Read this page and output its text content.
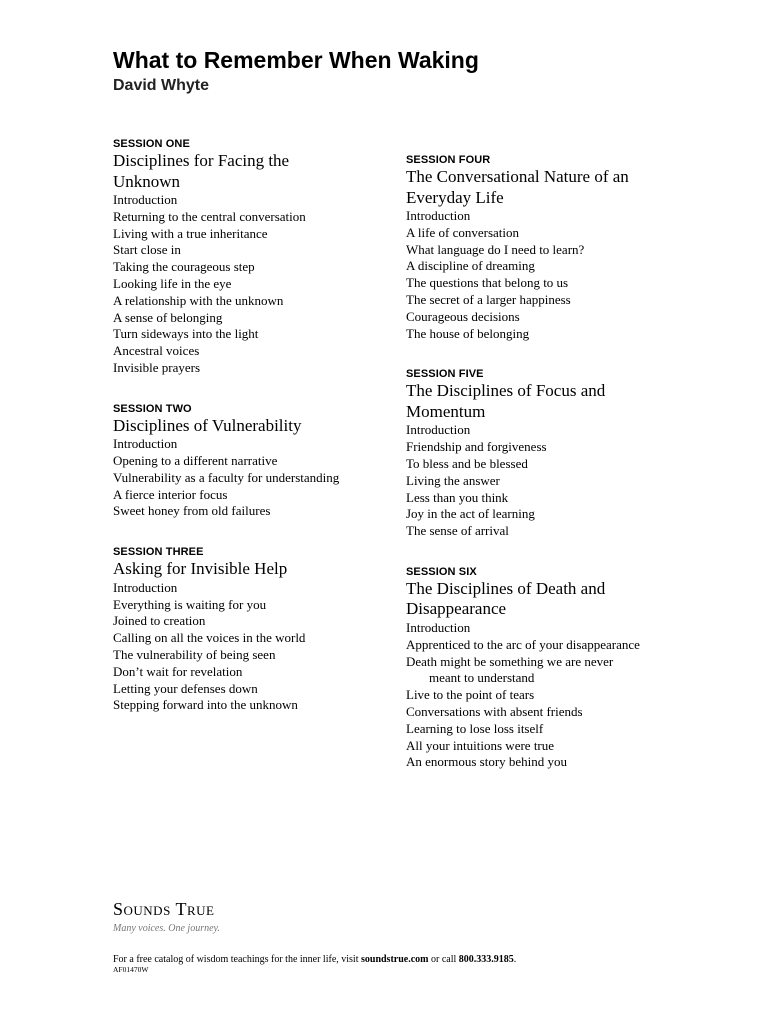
What to Remember When Waking
David Whyte
SESSION ONE
Disciplines for Facing the Unknown
Introduction
Returning to the central conversation
Living with a true inheritance
Start close in
Taking the courageous step
Looking life in the eye
A relationship with the unknown
A sense of belonging
Turn sideways into the light
Ancestral voices
Invisible prayers
SESSION TWO
Disciplines of Vulnerability
Introduction
Opening to a different narrative
Vulnerability as a faculty for understanding
A fierce interior focus
Sweet honey from old failures
SESSION THREE
Asking for Invisible Help
Introduction
Everything is waiting for you
Joined to creation
Calling on all the voices in the world
The vulnerability of being seen
Don’t wait for revelation
Letting your defenses down
Stepping forward into the unknown
SESSION FOUR
The Conversational Nature of an Everyday Life
Introduction
A life of conversation
What language do I need to learn?
A discipline of dreaming
The questions that belong to us
The secret of a larger happiness
Courageous decisions
The house of belonging
SESSION FIVE
The Disciplines of Focus and Momentum
Introduction
Friendship and forgiveness
To bless and be blessed
Living the answer
Less than you think
Joy in the act of learning
The sense of arrival
SESSION SIX
The Disciplines of Death and Disappearance
Introduction
Apprenticed to the arc of your disappearance
Death might be something we are never
meant to understand
Live to the point of tears
Conversations with absent friends
Learning to lose loss itself
All your intuitions were true
An enormous story behind you
Sounds True
Many voices. One journey.
For a free catalog of wisdom teachings for the inner life, visit soundstrue.com or call 800.333.9185.
AF01470W
